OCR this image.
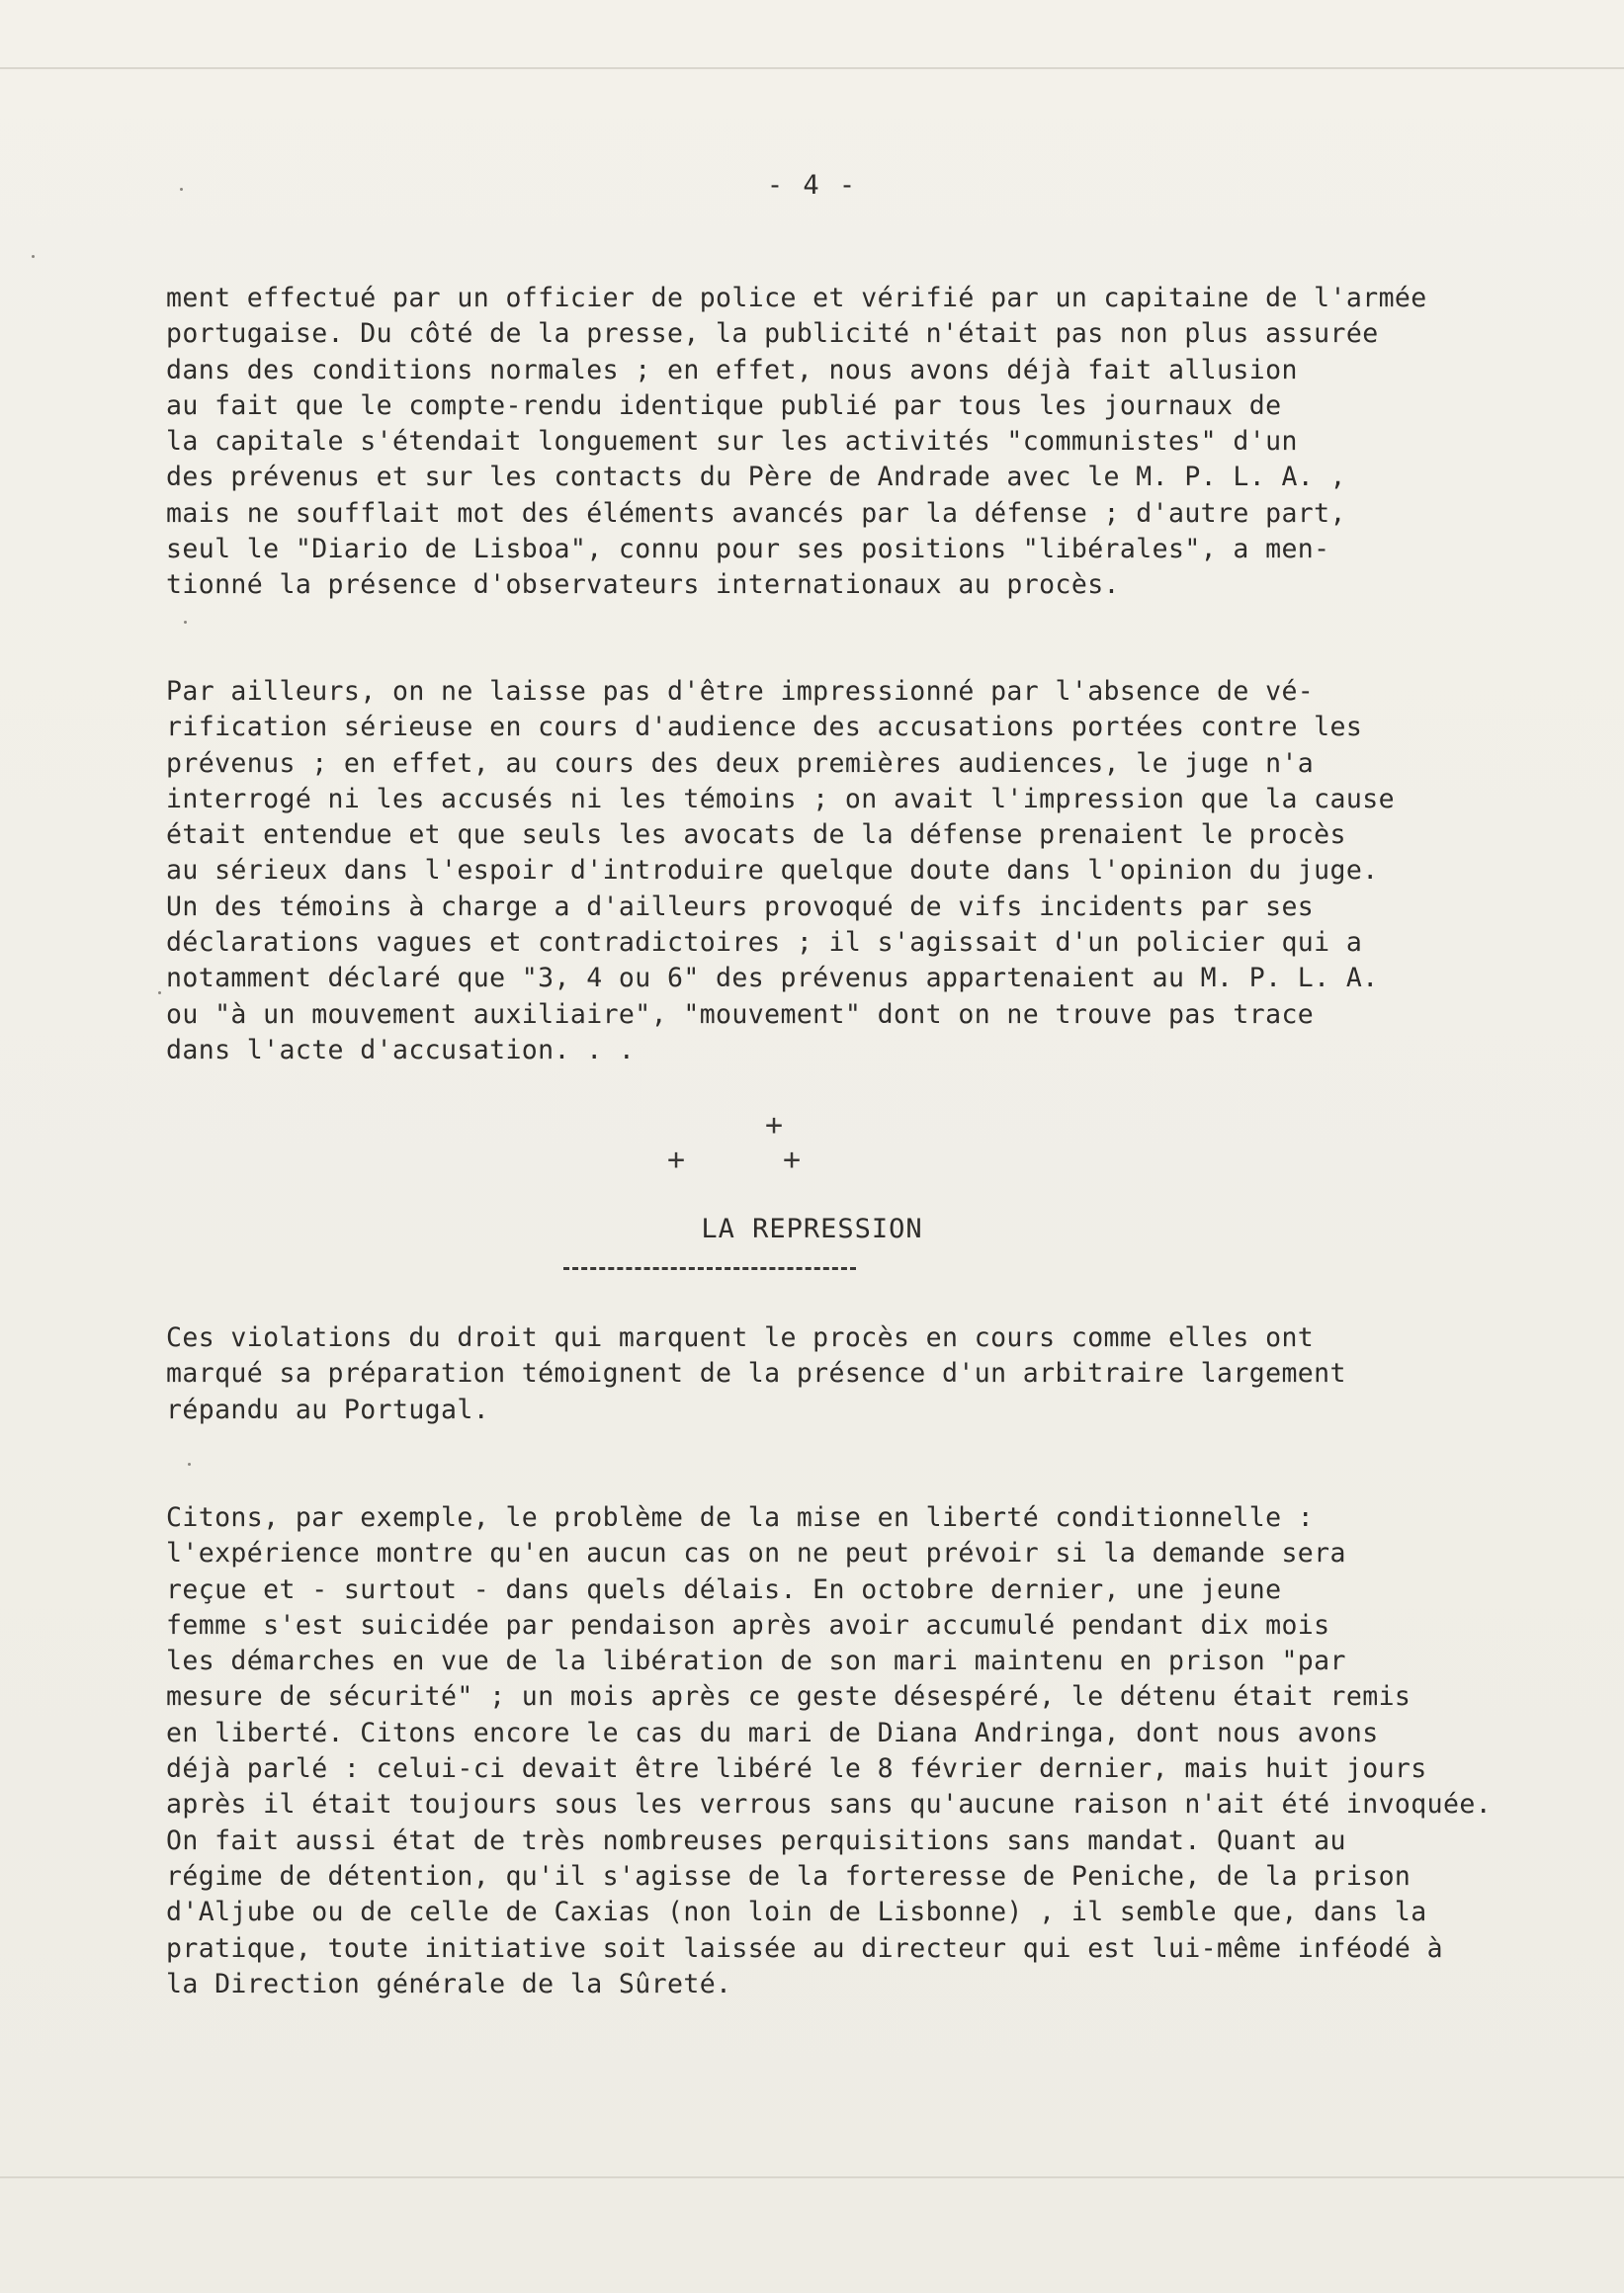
- 4 -
ment effectué par un officier de police et vérifié par un capitaine de l'armée
portugaise. Du côté de la presse, la publicité n'était pas non plus assurée
dans des conditions normales ; en effet, nous avons déjà fait allusion
au fait que le compte-rendu identique publié par tous les journaux de
la capitale s'étendait longuement sur les activités "communistes" d'un
des prévenus et sur les contacts du Père de Andrade avec le M. P. L. A. ,
mais ne soufflait mot des éléments avancés par la défense ; d'autre part,
seul le "Diario de Lisboa", connu pour ses positions "libérales", a men-
tionné la présence d'observateurs internationaux au procès.
Par ailleurs, on ne laisse pas d'être impressionné par l'absence de vé-
rification sérieuse en cours d'audience des accusations portées contre les
prévenus ; en effet, au cours des deux premières audiences, le juge n'a
interrogé ni les accusés ni les témoins ; on avait l'impression que la cause
était entendue et que seuls les avocats de la défense prenaient le procès
au sérieux dans l'espoir d'introduire quelque doute dans l'opinion du juge.
Un des témoins à charge a d'ailleurs provoqué de vifs incidents par ses
déclarations vagues et contradictoires ; il s'agissait d'un policier qui a
notamment déclaré que "3, 4 ou 6" des prévenus appartenaient au M. P. L. A.
ou "à un mouvement auxiliaire", "mouvement" dont on ne trouve pas trace
dans l'acte d'accusation. . .
+
+	+
LA REPRESSION
Ces violations du droit qui marquent le procès en cours comme elles ont
marqué sa préparation témoignent de la présence d'un arbitraire largement
répandu au Portugal.
Citons, par exemple, le problème de la mise en liberté conditionnelle :
l'expérience montre qu'en aucun cas on ne peut prévoir si la demande sera
reçue et - surtout - dans quels délais. En octobre dernier, une jeune
femme s'est suicidée par pendaison après avoir accumulé pendant dix mois
les démarches en vue de la libération de son mari maintenu en prison "par
mesure de sécurité" ; un mois après ce geste désespéré, le détenu était remis
en liberté. Citons encore le cas du mari de Diana Andringa, dont nous avons
déjà parlé : celui-ci devait être libéré le 8 février dernier, mais huit jours
après il était toujours sous les verrous sans qu'aucune raison n'ait été invoquée.
On fait aussi état de très nombreuses perquisitions sans mandat. Quant au
régime de détention, qu'il s'agisse de la forteresse de Peniche, de la prison
d'Aljube ou de celle de Caxias (non loin de Lisbonne) , il semble que, dans la
pratique, toute initiative soit laissée au directeur qui est lui-même inféodé à
la Direction générale de la Sûreté.
